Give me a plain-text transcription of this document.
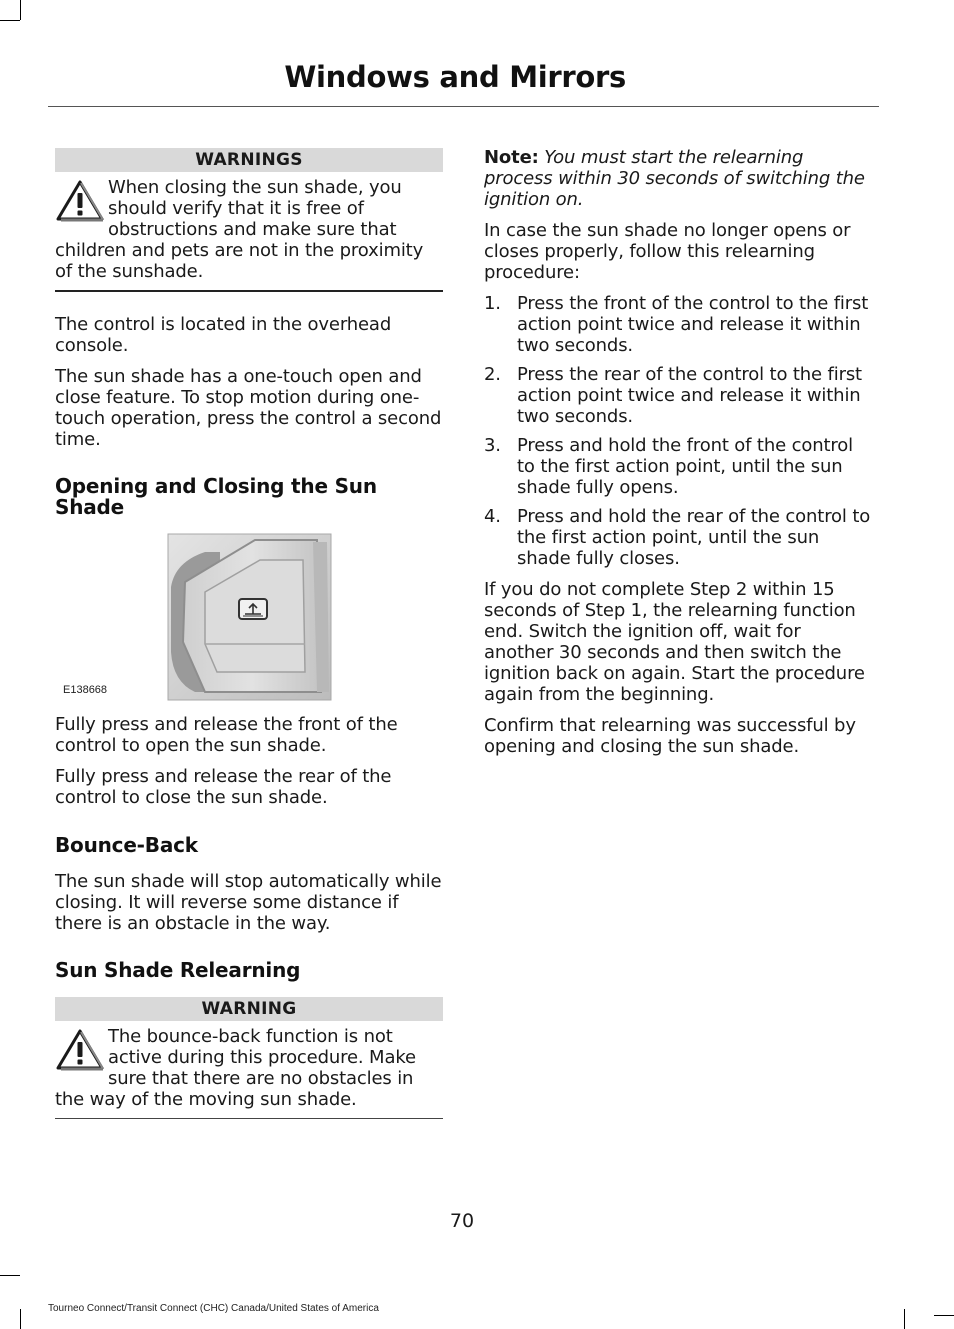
Windows and Mirrors
WARNINGS

When closing the sun shade, you should verify that it is free of obstructions and make sure that children and pets are not in the proximity of the sunshade.

The control is located in the overhead console.

The sun shade has a one-touch open and close feature. To stop motion during one-touch operation, press the control a second time.

Opening and Closing the Sun Shade
E138668

Fully press and release the front of the control to open the sun shade.

Fully press and release the rear of the control to close the sun shade.

Bounce-Back

The sun shade will stop automatically while closing. It will reverse some distance if there is an obstacle in the way.

Sun Shade Relearning
WARNING

The bounce-back function is not active during this procedure. Make sure that there are no obstacles in the way of the moving sun shade.

Note: You must start the relearning process within 30 seconds of switching the ignition on.

In case the sun shade no longer opens or closes properly, follow this relearning procedure:

1. Press the front of the control to the first action point twice and release it within two seconds.
2. Press the rear of the control to the first action point twice and release it within two seconds.
3. Press and hold the front of the control to the first action point, until the sun shade fully opens.
4. Press and hold the rear of the control to the first action point, until the sun shade fully closes.

If you do not complete Step 2 within 15 seconds of Step 1, the relearning function end. Switch the ignition off, wait for another 30 seconds and then switch the ignition back on again. Start the procedure again from the beginning.

Confirm that relearning was successful by opening and closing the sun shade.

70
Tourneo Connect/Transit Connect (CHC) Canada/United States of America
